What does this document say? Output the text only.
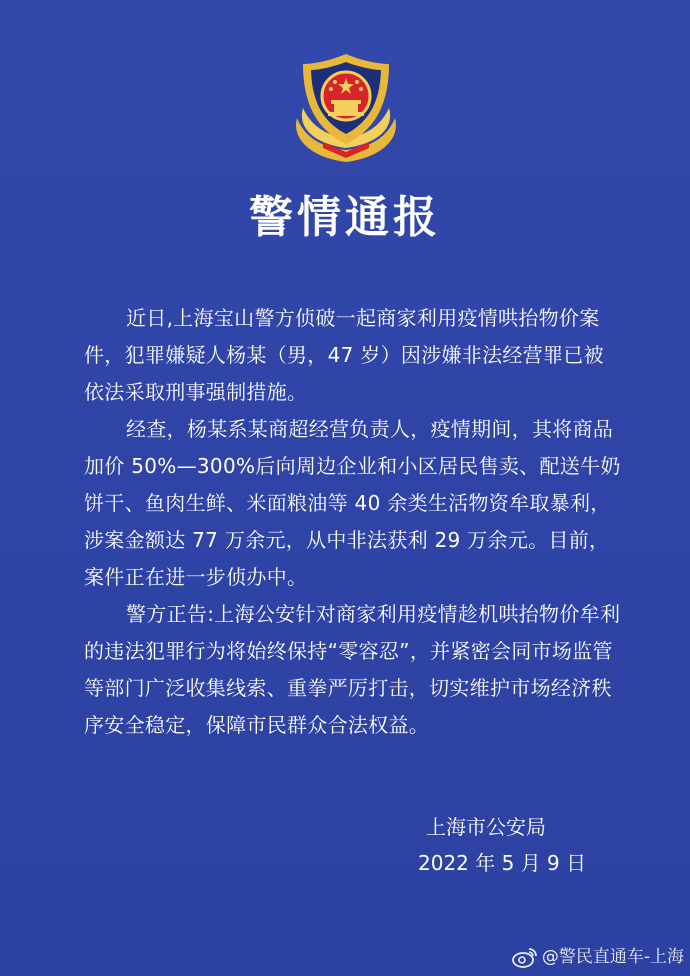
警情通报

近日,上海宝山警方侦破一起商家利用疫情哄抬物价案件，犯罪嫌疑人杨某（男，47 岁）因涉嫌非法经营罪已被依法采取刑事强制措施。

经查，杨某系某商超经营负责人，疫情期间，其将商品加价 50%—300%后向周边企业和小区居民售卖、配送牛奶饼干、鱼肉生鲜、米面粮油等 40 余类生活物资牟取暴利，涉案金额达 77 万余元，从中非法获利 29 万余元。目前，案件正在进一步侦办中。

警方正告:上海公安针对商家利用疫情趁机哄抬物价牟利的违法犯罪行为将始终保持“零容忍”，并紧密会同市场监管等部门广泛收集线索、重拳严厉打击，切实维护市场经济秩序安全稳定，保障市民群众合法权益。

上海市公安局
2022 年 5 月 9 日
@警民直通车-上海
